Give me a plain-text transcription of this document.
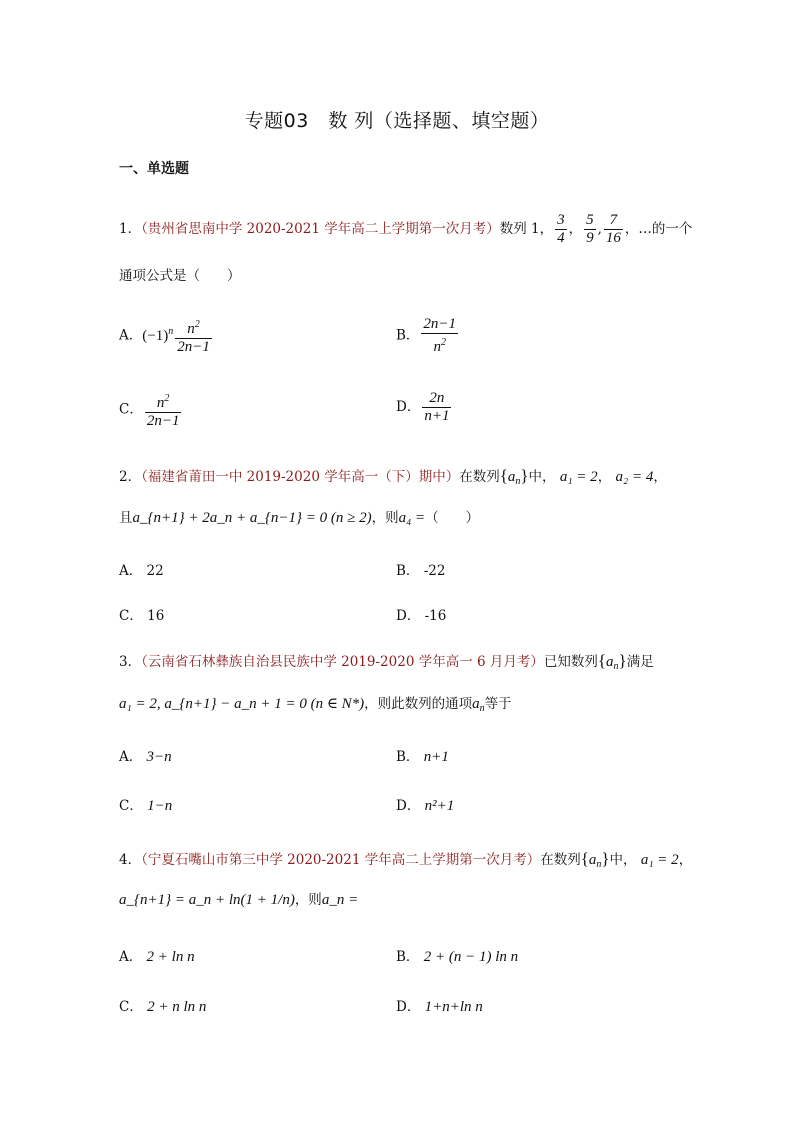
专题03　数 列（选择题、填空题）
一、单选题
1．（贵州省思南中学 2020-2021 学年高二上学期第一次月考）数列 1， $\frac{3}{4}$ ， $\frac{5}{9}$ , $\frac{7}{16}$ ，…的一个
通项公式是（　　）
A．$(-1)^n \frac{n^2}{2n-1}$	B． $\frac{2n-1}{n^2}$
C． $\frac{n^2}{2n-1}$	D． $\frac{2n}{n+1}$
2．（福建省莆田一中 2019-2020 学年高一（下）期中）在数列$\{a_n\}$中， a₁ = 2， a₂ = 4，
且a_{n+1} + 2a_n + a_{n−1} = 0 (n ≥ 2)，则a₄ =（　　）
A． 22	B． -22
C． 16	D． -16
3．（云南省石林彝族自治县民族中学 2019-2020 学年高一 6 月月考）已知数列$\{a_n\}$满足
a₁ = 2, a_{n+1} − a_n + 1 = 0 (n ∈ N*)，则此数列的通项$a_n$等于
A． 3−n	B． n+1
C． 1−n	D． n²+1
4．（宁夏石嘴山市第三中学 2020-2021 学年高二上学期第一次月考）在数列$\{a_n\}$中， a₁ = 2，
a_{n+1} = a_n + ln(1 + 1/n)，则a_n =
A． 2 + ln n	B． 2 + (n − 1) ln n
C． 2 + n ln n	D． 1+n+ln n
